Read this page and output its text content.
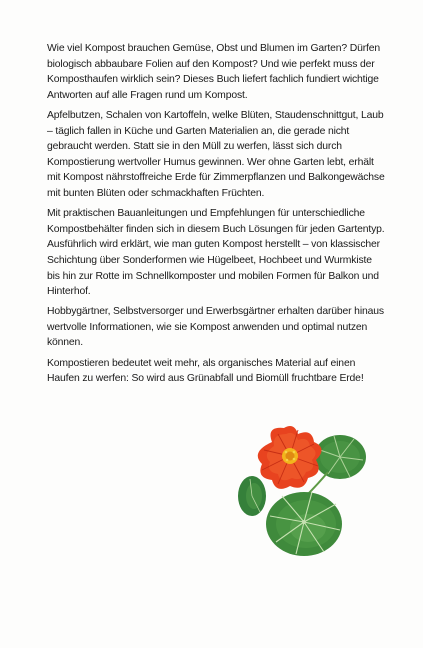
Wie viel Kompost brauchen Gemüse, Obst und Blumen im Garten? Dürfen biologisch abbaubare Folien auf den Kompost? Und wie perfekt muss der Komposthaufen wirklich sein? Dieses Buch liefert fachlich fundiert wichtige Antworten auf alle Fragen rund um Kompost.

Apfelbutzen, Schalen von Kartoffeln, welke Blüten, Staudenschnittgut, Laub – täglich fallen in Küche und Garten Materialien an, die gerade nicht gebraucht werden. Statt sie in den Müll zu werfen, lässt sich durch Kompostierung wertvoller Humus gewinnen. Wer ohne Garten lebt, erhält mit Kompost nährstoffreiche Erde für Zimmerpflanzen und Balkongewächse mit bunten Blüten oder schmackhaften Früchten.

Mit praktischen Bauanleitungen und Empfehlungen für unterschiedliche Kompostbehälter finden sich in diesem Buch Lösungen für jeden Gartentyp. Ausführlich wird erklärt, wie man guten Kompost herstellt – von klassischer Schichtung über Sonderformen wie Hügelbeet, Hochbeet und Wurmkiste bis hin zur Rotte im Schnellkomposter und mobilen Formen für Balkon und Hinterhof.

Hobbygärtner, Selbstversorger und Erwerbsgärtner erhalten darüber hinaus wertvolle Informationen, wie sie Kompost anwenden und optimal nutzen können.

Kompostieren bedeutet weit mehr, als organisches Material auf einen Haufen zu werfen: So wird aus Grünabfall und Biomüll fruchtbare Erde!
